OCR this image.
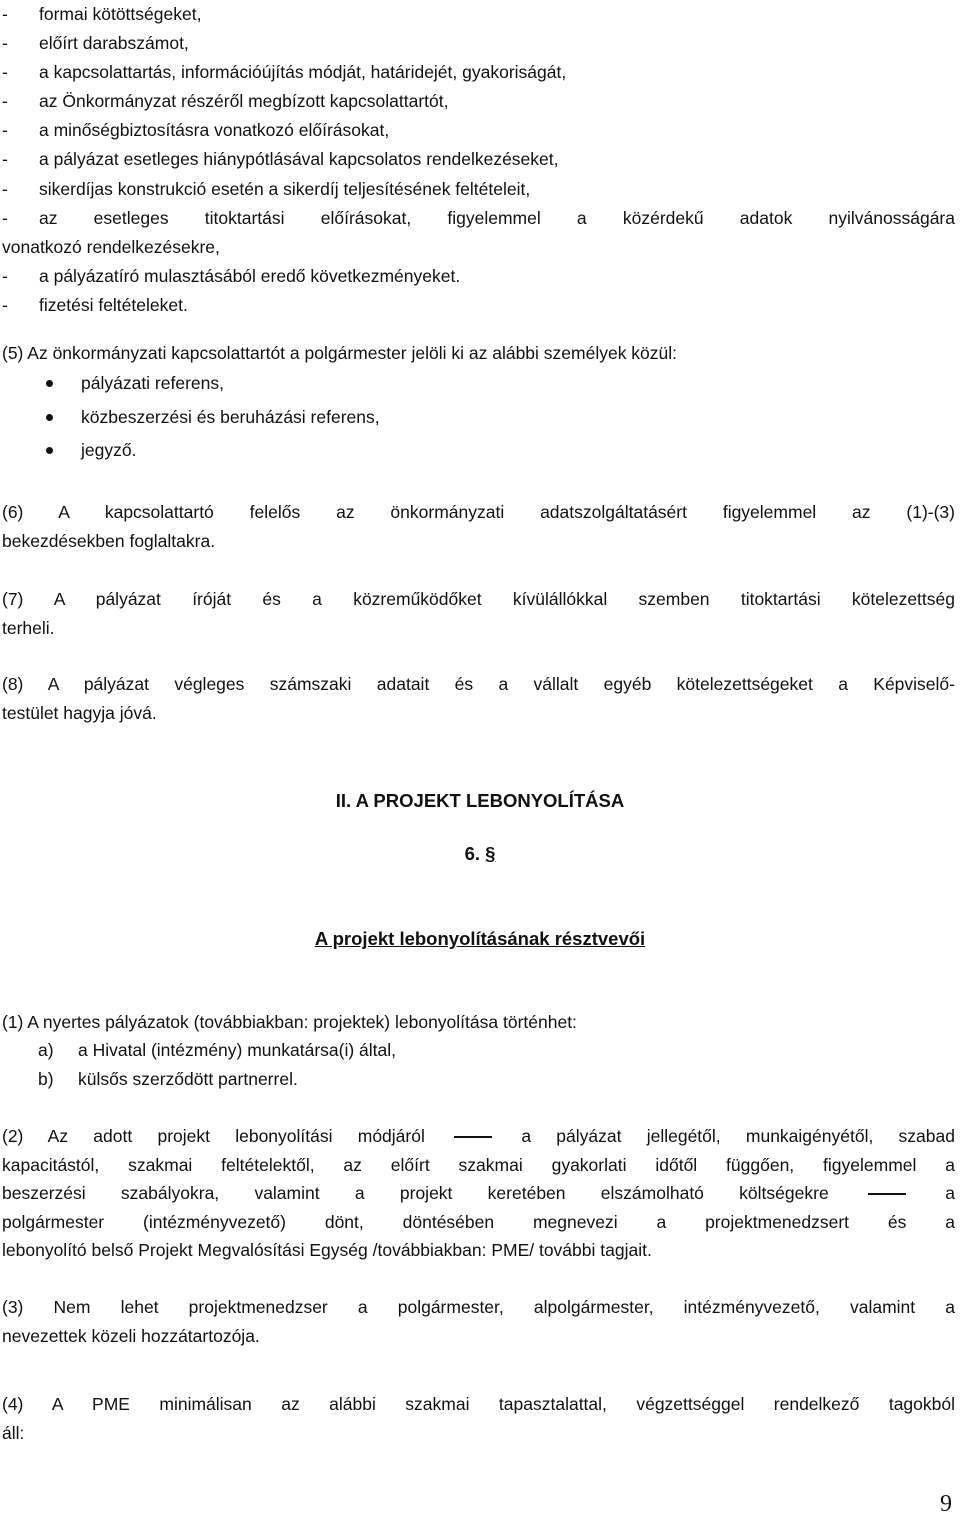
-	formai kötöttségeket,
-	előírt darabszámot,
-	a kapcsolattartás, információújítás módját, határidejét, gyakoriságát,
-	az Önkormányzat részéről megbízott kapcsolattartót,
-	a minőségbiztosításra vonatkozó előírásokat,
-	a pályázat esetleges hiánypótlásával kapcsolatos rendelkezéseket,
-	sikerdíjas konstrukció esetén a sikerdíj teljesítésének feltételeit,
-	az esetleges titoktartási előírásokat, figyelemmel a közérdekű adatok nyilvánosságára
vonatkozó rendelkezésekre,
-	a pályázatíró mulasztásából eredő következményeket.
-	fizetési feltételeket.
(5) Az önkormányzati kapcsolattartót a polgármester jelöli ki az alábbi személyek közül:
pályázati referens,
közbeszerzési és beruházási referens,
jegyző.
(6) A kapcsolattartó felelős az önkormányzati adatszolgáltatásért figyelemmel az (1)-(3)
bekezdésekben foglaltakra.
(7) A pályázat íróját és a közreműködőket kívülállókkal szemben titoktartási kötelezettség
terheli.
(8) A pályázat végleges számszaki adatait és a vállalt egyéb kötelezettségeket a Képviselő-
testület hagyja jóvá.
II. A PROJEKT LEBONYOLÍTÁSA
6. §
A projekt lebonyolításának résztvevői
(1) A nyertes pályázatok (továbbiakban: projektek) lebonyolítása történhet:
a)	a Hivatal (intézmény) munkatársa(i) által,
b)	külsős szerződött partnerrel.
(2) Az adott projekt lebonyolítási módjáról	a pályázat jellegétől, munkaigényétől, szabad
kapacitástól, szakmai feltételektől, az előírt szakmai gyakorlati időtől függően, figyelemmel a
beszerzési szabályokra, valamint a projekt keretében elszámolható költségekre	a
polgármester (intézményvezető) dönt, döntésében megnevezi a projektmenedzsert és a
lebonyolító belső Projekt Megvalósítási Egység /továbbiakban: PME/ további tagjait.
(3) Nem lehet projektmenedzser a polgármester, alpolgármester, intézményvezető, valamint a
nevezettek közeli hozzátartozója.
(4) A PME minimálisan az alábbi szakmai tapasztalattal, végzettséggel rendelkező tagokból
áll:
9
